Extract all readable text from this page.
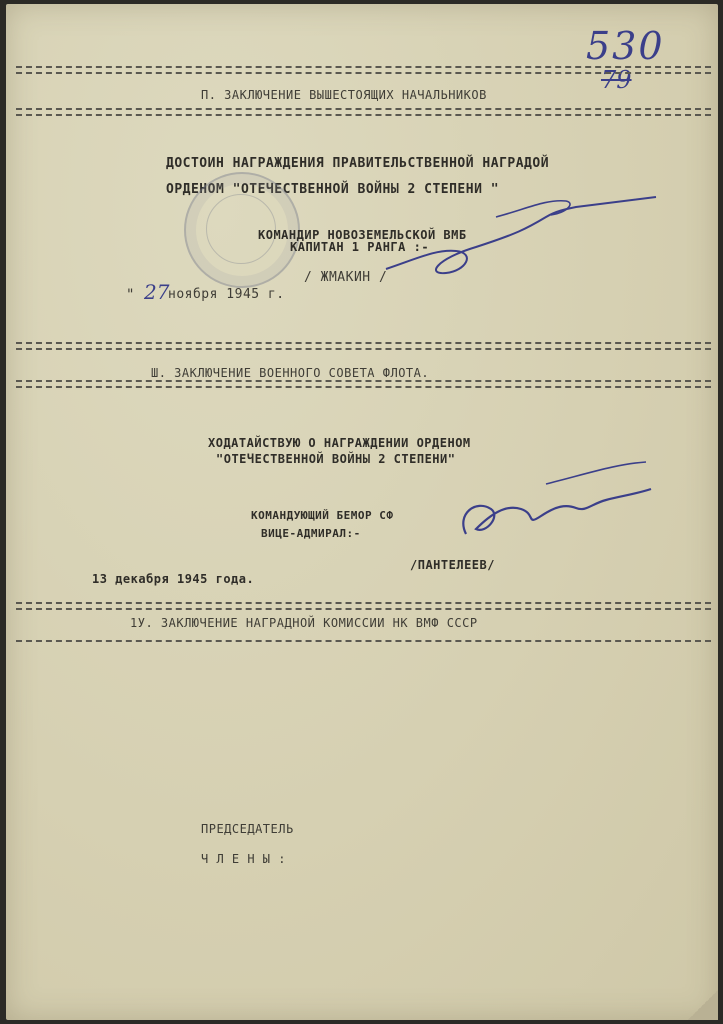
530
79
П. ЗАКЛЮЧЕНИЕ ВЫШЕСТОЯЩИХ НАЧАЛЬНИКОВ
ДОСТОИН НАГРАЖДЕНИЯ ПРАВИТЕЛЬСТВЕННОЙ НАГРАДОЙ
ОРДЕНОМ "ОТЕЧЕСТВЕННОЙ ВОЙНЫ 2 СТЕПЕНИ "
КОМАНДИР НОВОЗЕМЕЛЬСКОЙ ВМБ
КАПИТАН 1 РАНГА :-
/ ЖМАКИН /
" 27
ноября 1945 г.
Ш. ЗАКЛЮЧЕНИЕ ВОЕННОГО СОВЕТА ФЛОТА.
ХОДАТАЙСТВУЮ О НАГРАЖДЕНИИ ОРДЕНОМ
"ОТЕЧЕСТВЕННОЙ ВОЙНЫ 2 СТЕПЕНИ"
КОМАНДУЮЩИЙ БЕМОР СФ
ВИЦЕ-АДМИРАЛ:-
/ПАНТЕЛЕЕВ/
13 декабря 1945 года.
1У. ЗАКЛЮЧЕНИЕ НАГРАДНОЙ КОМИССИИ НК ВМФ СССР
ПРЕДСЕДАТЕЛЬ
Ч Л Е Н Ы :
